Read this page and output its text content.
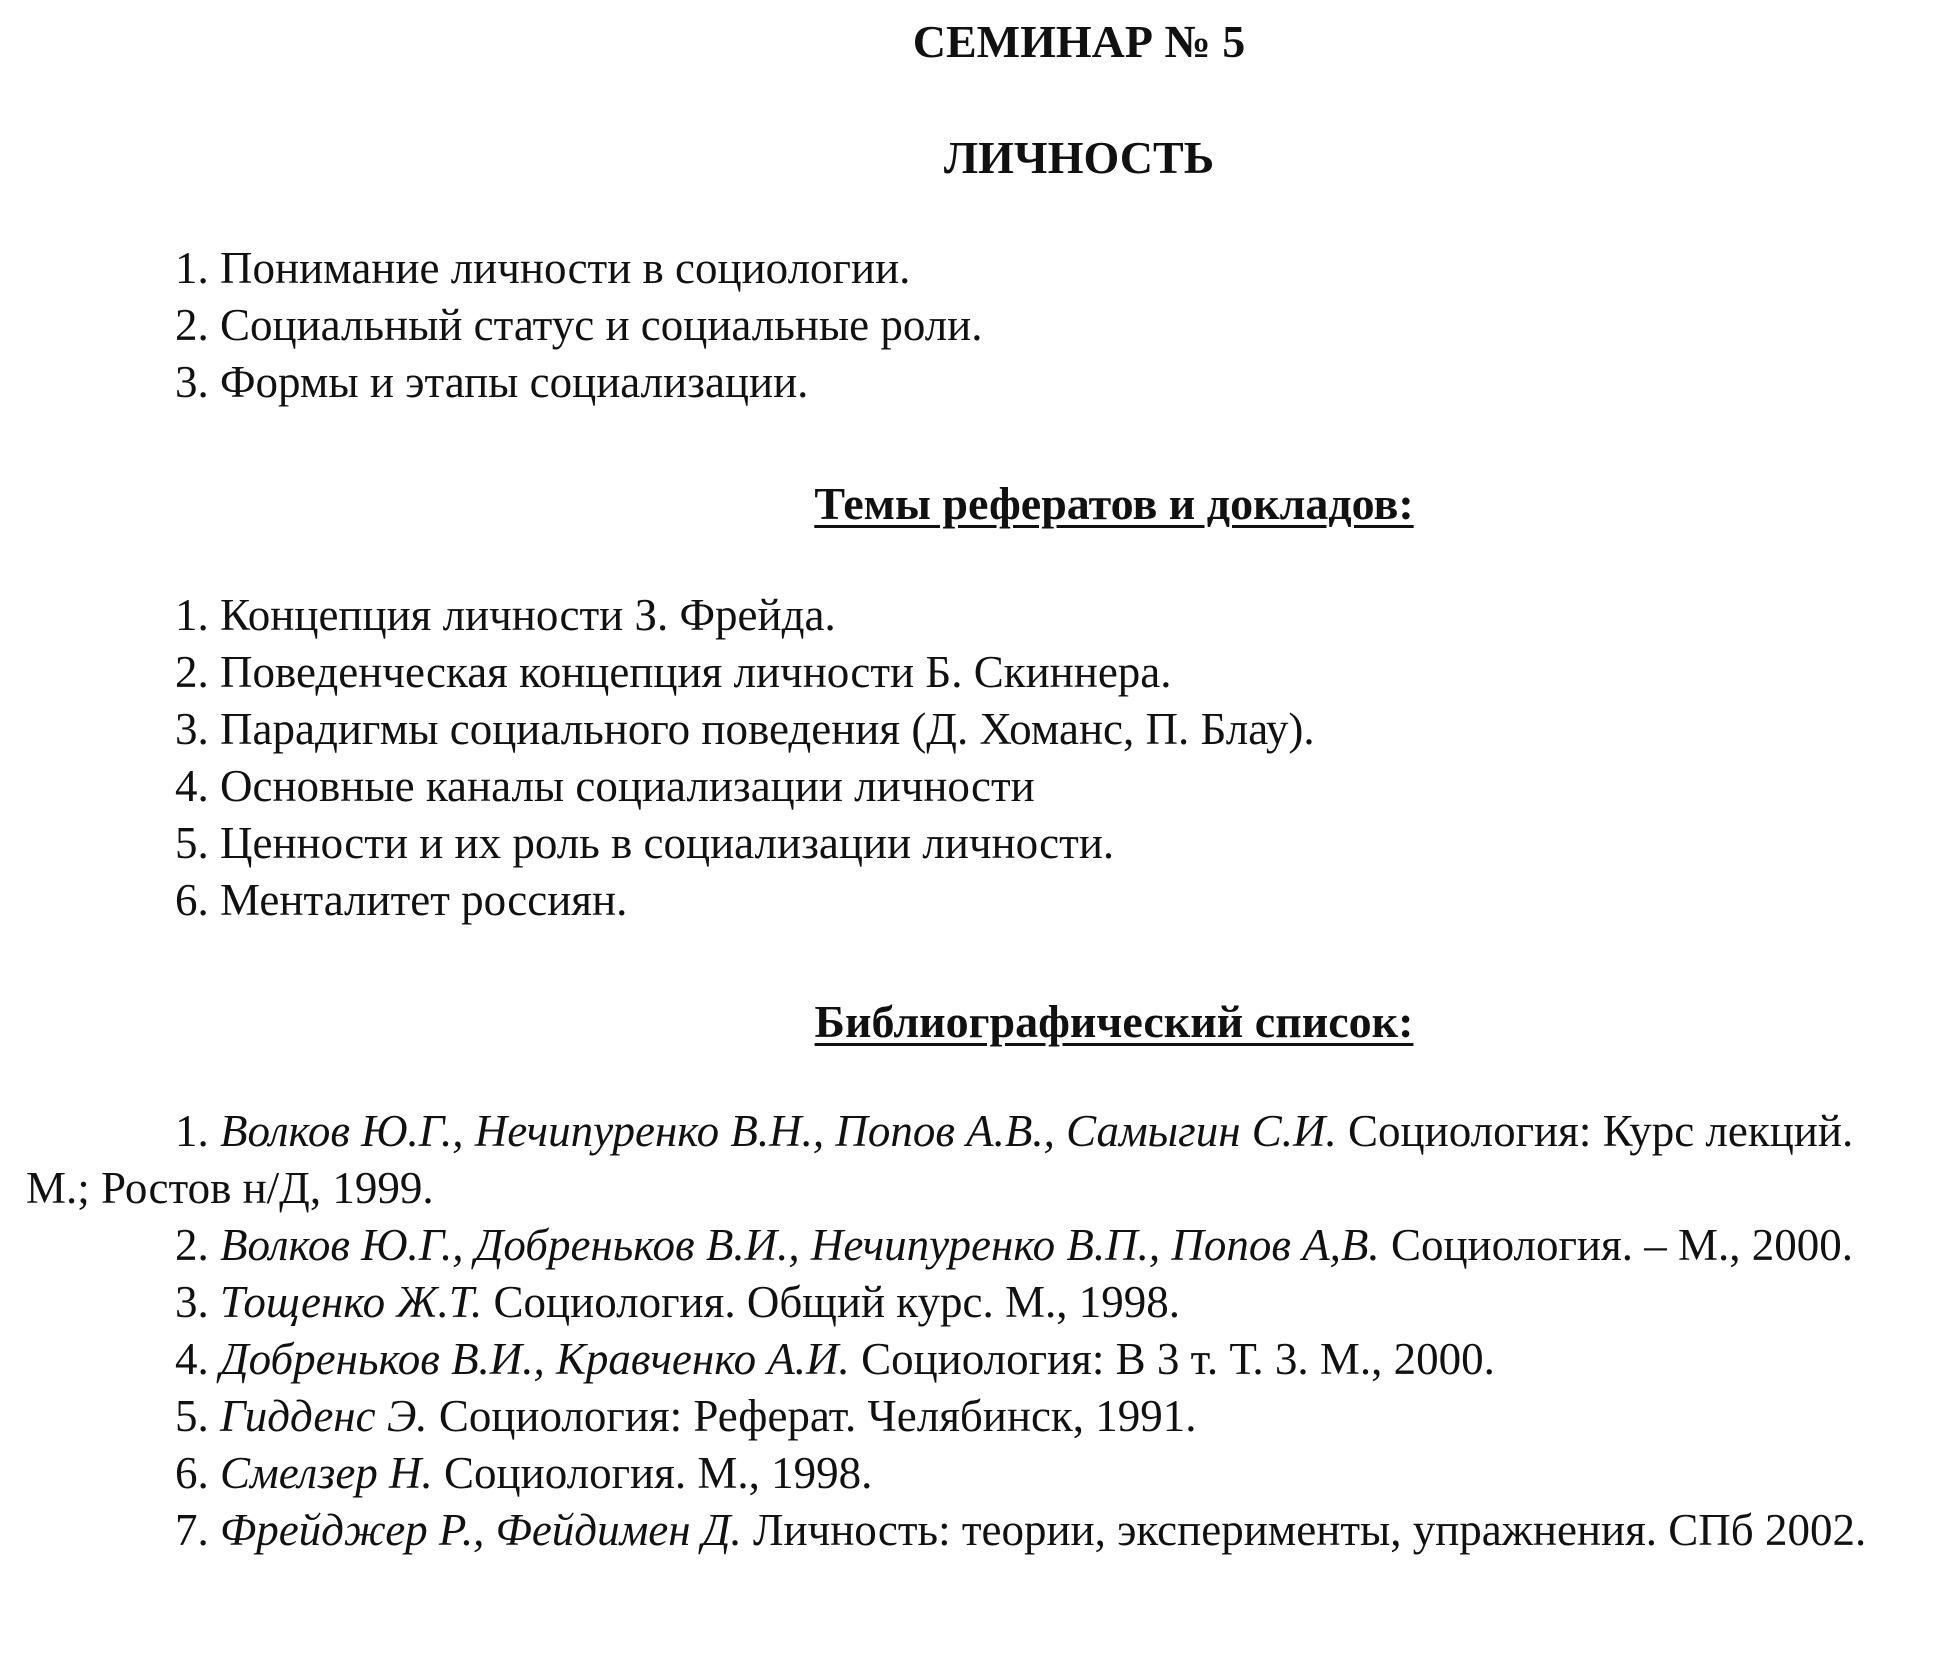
СЕМИНАР № 5
ЛИЧНОСТЬ
1. Понимание личности в социологии.
2. Социальный статус и социальные роли.
3. Формы и этапы социализации.
Темы рефератов и докладов:
1. Концепция личности З. Фрейда.
2. Поведенческая концепция личности Б. Скиннера.
3. Парадигмы социального поведения (Д. Хоманс, П. Блау).
4. Основные каналы социализации личности
5. Ценности и их роль в социализации личности.
6. Менталитет россиян.
Библиографический список:
1. Волков Ю.Г., Нечипуренко В.Н., Попов А.В., Самыгин С.И. Социология: Курс лекций. М.; Ростов н/Д, 1999.
2. Волков Ю.Г., Добреньков В.И., Нечипуренко В.П., Попов А,В. Социология. – М., 2000.
3. Тощенко Ж.Т. Социология. Общий курс. М., 1998.
4. Добреньков В.И., Кравченко А.И. Социология: В 3 т. Т. 3. М., 2000.
5. Гидденс Э. Социология: Реферат. Челябинск, 1991.
6. Смелзер Н. Социология. М., 1998.
7. Фрейджер Р., Фейдимен Д. Личность: теории, эксперименты, упражнения. СПб 2002.
